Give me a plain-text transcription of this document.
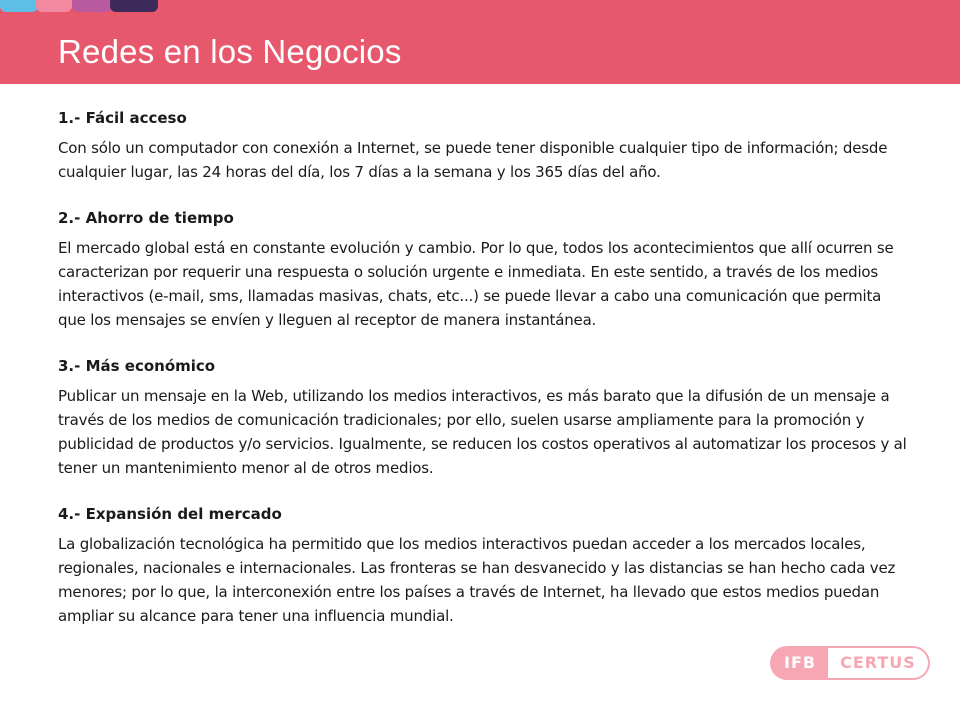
Redes en los Negocios
1.- Fácil acceso

Con sólo un computador con conexión a Internet, se puede tener disponible cualquier tipo de información; desde cualquier lugar, las 24 horas del día, los 7 días a la semana y los 365 días del año.

2.- Ahorro de tiempo

El mercado global está en constante evolución y cambio. Por lo que, todos los acontecimientos que allí ocurren se caracterizan por requerir una respuesta o solución urgente e inmediata. En este sentido, a través de los medios interactivos (e-mail, sms, llamadas masivas, chats, etc...) se puede llevar a cabo una comunicación que permita que los mensajes se envíen y lleguen al receptor de manera instantánea.

3.- Más económico

Publicar un mensaje en la Web, utilizando los medios interactivos, es más barato que la difusión de un mensaje a través de los medios de comunicación tradicionales; por ello, suelen usarse ampliamente para la promoción y publicidad de productos y/o servicios. Igualmente, se reducen los costos operativos al automatizar los procesos y al tener un mantenimiento menor al de otros medios.

4.- Expansión del mercado

La globalización tecnológica ha permitido que los medios interactivos puedan acceder a los mercados locales, regionales, nacionales e internacionales. Las fronteras se han desvanecido y las distancias se han hecho cada vez menores; por lo que, la interconexión entre los países a través de Internet, ha llevado que estos medios puedan ampliar su alcance para tener una influencia mundial.

IFB	CERTUS
